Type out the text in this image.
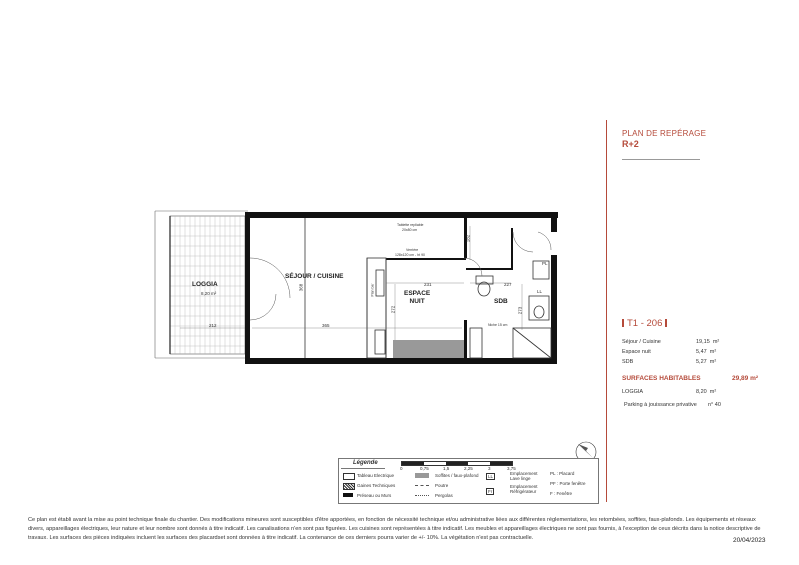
LOGGIA
8,20 m²
SÉJOUR / CUISINE
ESPACE
NUIT	SDB
Tablette repliable
20x80 cm
Verrière
128x120 cm - ht 90
Plan bar
Niche 15 cm
212	365
368
182
231
272
227
273
PL
LL
PLAN DE REPÉRAGE
R+2
T1 - 206
Séjour / Cuisine	19,15 m²
Espace nuit	5,47 m²
SDB	5,27 m²
SURFACES HABITABLES	29,89 m²
LOGGIA	8,20 m²
Parking à jouissance privative n° 40
Légende
0	0,75	1,5	2,25	3	3,75
Tableau Electrique
Gaines Techniques
Préseau ou Murs
Soffites / faux-plafond
Poutre
Pergolas
LL
Emplacement Lave linge
Fr
Emplacement Réfrigérateur
PL : Placard
PF : Porte fenêtre
F : Fenêtre
Ce plan est établi avant la mise au point technique finale du chantier. Des modifications mineures sont susceptibles d'être apportées, en fonction de nécessité technique et/ou administrative liées aux différentes réglementations, les retombées, soffites, faux-plafonds. Les équipements et réseaux divers, appareillages électriques, leur nature et leur nombre sont donnés à titre indicatif. Les canalisations n'en sont pas figurées. Les cuisines sont représentées à titre indicatif. Les meubles et appareillages électriques ne sont pas fournis, à l'exception de ceux décrits dans la notice descriptive de travaux. Les surfaces des pièces indiquées incluent les surfaces des placardset sont données à titre indicatif. La contenance de ces derniers pourra varier de +/- 10%. La végétation n'est pas contractuelle.	20/04/2023
